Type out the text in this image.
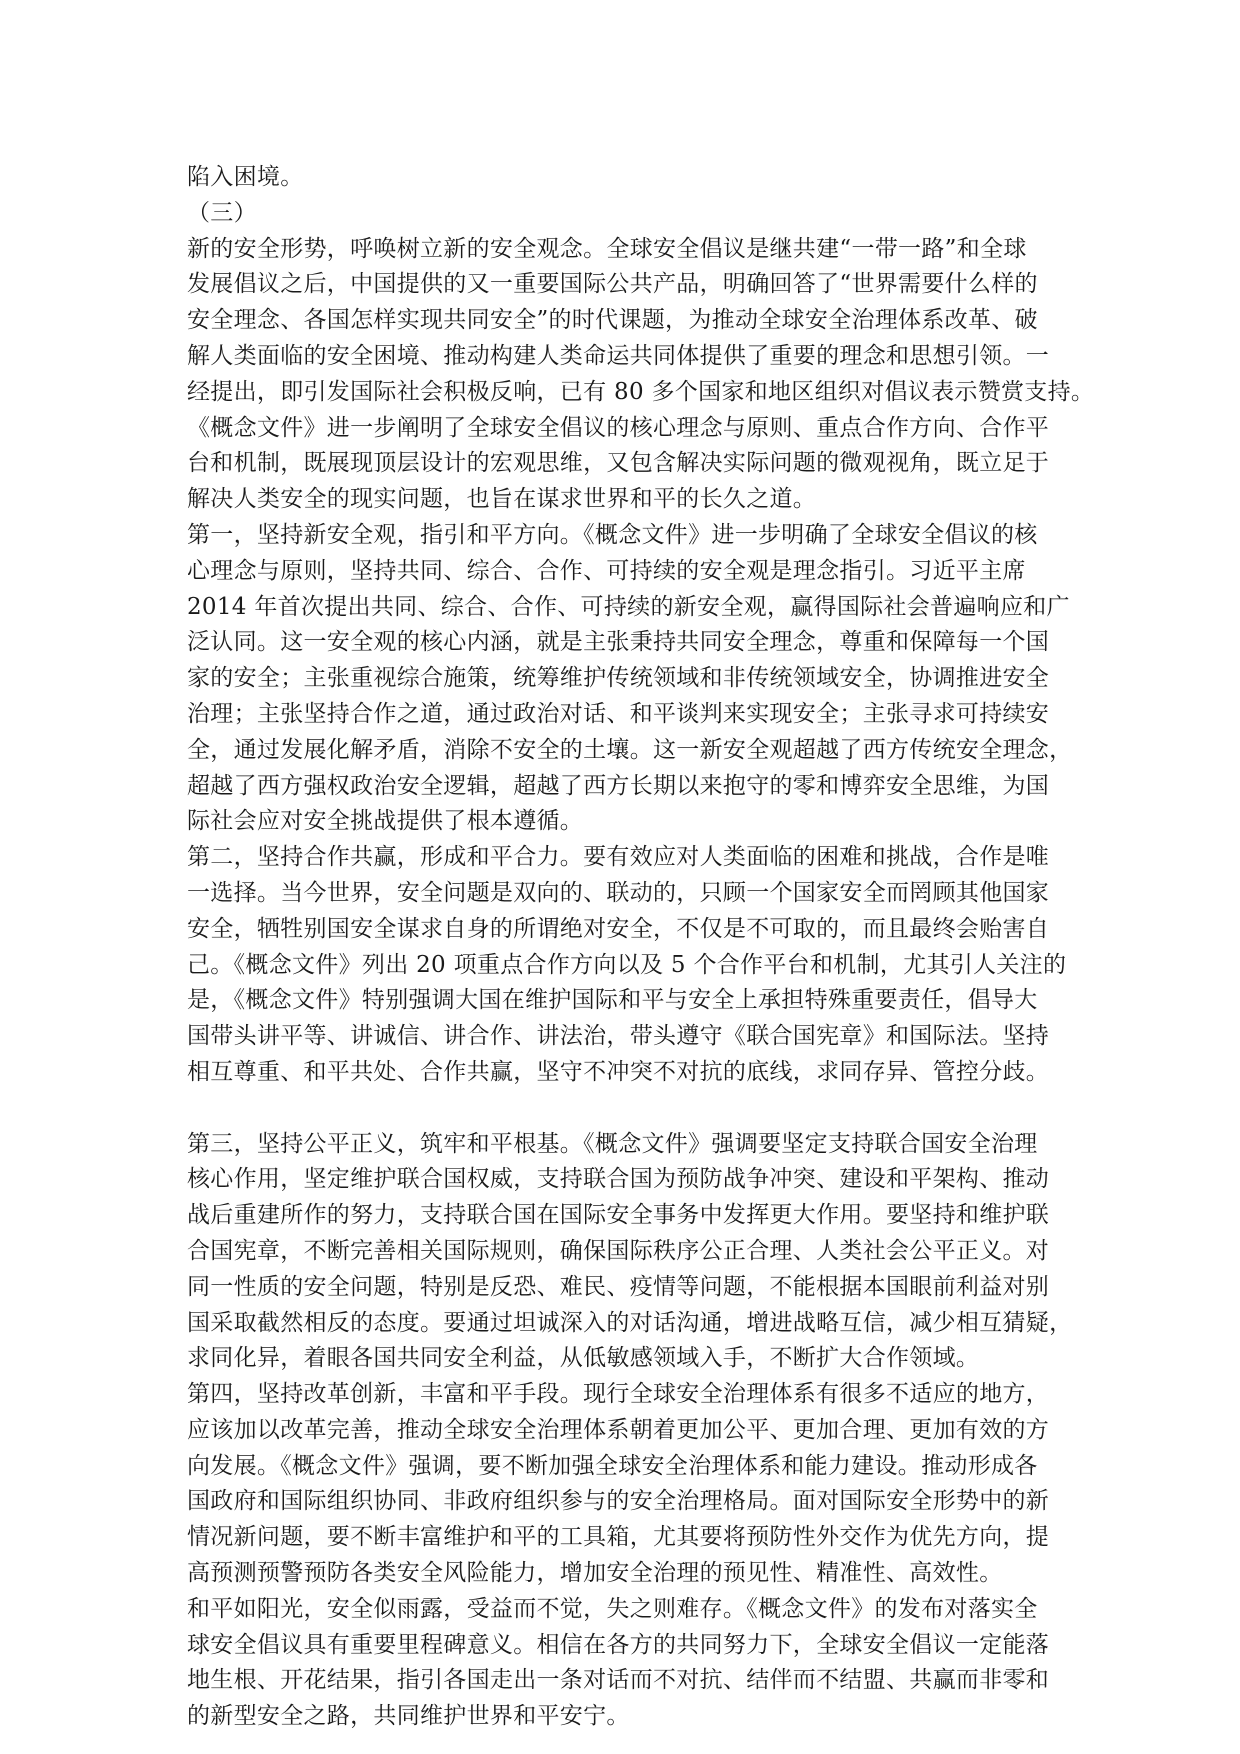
陷入困境。
（三）
新的安全形势，呼唤树立新的安全观念。全球安全倡议是继共建“一带一路”和全球
发展倡议之后，中国提供的又一重要国际公共产品，明确回答了“世界需要什么样的
安全理念、各国怎样实现共同安全”的时代课题，为推动全球安全治理体系改革、破
解人类面临的安全困境、推动构建人类命运共同体提供了重要的理念和思想引领。一
经提出，即引发国际社会积极反响，已有 80 多个国家和地区组织对倡议表示赞赏支持。
《概念文件》进一步阐明了全球安全倡议的核心理念与原则、重点合作方向、合作平
台和机制，既展现顶层设计的宏观思维，又包含解决实际问题的微观视角，既立足于
解决人类安全的现实问题，也旨在谋求世界和平的长久之道。
第一，坚持新安全观，指引和平方向。《概念文件》进一步明确了全球安全倡议的核
心理念与原则，坚持共同、综合、合作、可持续的安全观是理念指引。习近平主席
2014 年首次提出共同、综合、合作、可持续的新安全观，赢得国际社会普遍响应和广
泛认同。这一安全观的核心内涵，就是主张秉持共同安全理念，尊重和保障每一个国
家的安全；主张重视综合施策，统筹维护传统领域和非传统领域安全，协调推进安全
治理；主张坚持合作之道，通过政治对话、和平谈判来实现安全；主张寻求可持续安
全，通过发展化解矛盾，消除不安全的土壤。这一新安全观超越了西方传统安全理念，
超越了西方强权政治安全逻辑，超越了西方长期以来抱守的零和博弈安全思维，为国
际社会应对安全挑战提供了根本遵循。
第二，坚持合作共赢，形成和平合力。要有效应对人类面临的困难和挑战，合作是唯
一选择。当今世界，安全问题是双向的、联动的，只顾一个国家安全而罔顾其他国家
安全，牺牲别国安全谋求自身的所谓绝对安全，不仅是不可取的，而且最终会贻害自
己。《概念文件》列出 20 项重点合作方向以及 5 个合作平台和机制，尤其引人关注的
是，《概念文件》特别强调大国在维护国际和平与安全上承担特殊重要责任，倡导大
国带头讲平等、讲诚信、讲合作、讲法治，带头遵守《联合国宪章》和国际法。坚持
相互尊重、和平共处、合作共赢，坚守不冲突不对抗的底线，求同存异、管控分歧。
第三，坚持公平正义，筑牢和平根基。《概念文件》强调要坚定支持联合国安全治理
核心作用，坚定维护联合国权威，支持联合国为预防战争冲突、建设和平架构、推动
战后重建所作的努力，支持联合国在国际安全事务中发挥更大作用。要坚持和维护联
合国宪章，不断完善相关国际规则，确保国际秩序公正合理、人类社会公平正义。对
同一性质的安全问题，特别是反恐、难民、疫情等问题，不能根据本国眼前利益对别
国采取截然相反的态度。要通过坦诚深入的对话沟通，增进战略互信，减少相互猜疑，
求同化异，着眼各国共同安全利益，从低敏感领域入手，不断扩大合作领域。
第四，坚持改革创新，丰富和平手段。现行全球安全治理体系有很多不适应的地方，
应该加以改革完善，推动全球安全治理体系朝着更加公平、更加合理、更加有效的方
向发展。《概念文件》强调，要不断加强全球安全治理体系和能力建设。推动形成各
国政府和国际组织协同、非政府组织参与的安全治理格局。面对国际安全形势中的新
情况新问题，要不断丰富维护和平的工具箱，尤其要将预防性外交作为优先方向，提
高预测预警预防各类安全风险能力，增加安全治理的预见性、精准性、高效性。
和平如阳光，安全似雨露，受益而不觉，失之则难存。《概念文件》的发布对落实全
球安全倡议具有重要里程碑意义。相信在各方的共同努力下，全球安全倡议一定能落
地生根、开花结果，指引各国走出一条对话而不对抗、结伴而不结盟、共赢而非零和
的新型安全之路，共同维护世界和平安宁。
